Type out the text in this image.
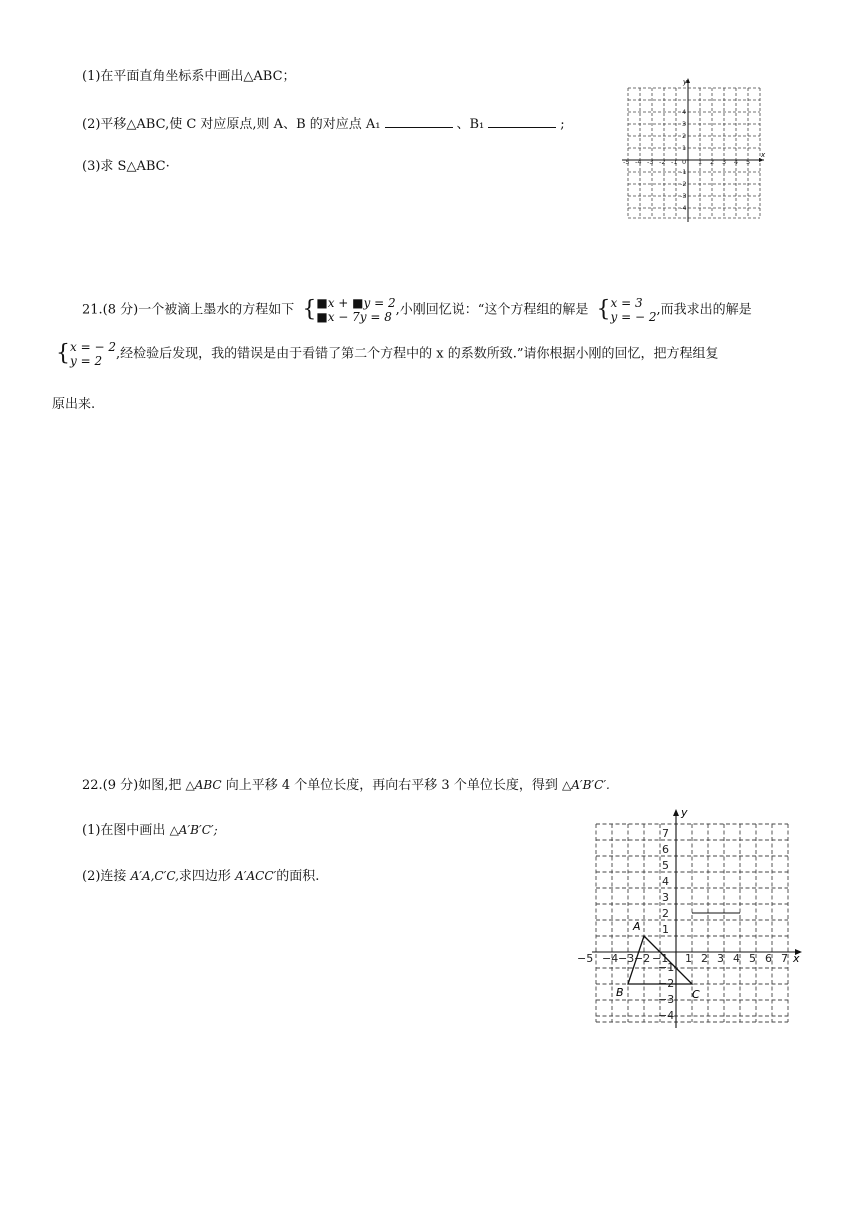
(1)在平面直角坐标系中画出△ABC；
(2)平移△ABC,使 C 对应原点,则 A、B 的对应点 A₁	、B₁	;
(3)求 S△ABC·
x
y
-5 -4 -3 -2 -1 0 1 2 3 4 5
4
3
2
1
-1
-2
-3
-4
21.(8 分)一个被滴上墨水的方程如下 {■x + ■y = 2
■x − 7y = 8 ,小刚回忆说：“这个方程组的解是 {x = 3
y = − 2,而我求出的解是
{x = − 2
y = 2 ,经检验后发现，我的错误是由于看错了第二个方程中的 x 的系数所致.”请你根据小刚的回忆，把方程组复
原出来.
22.(9 分)如图,把 △ABC 向上平移 4 个单位长度，再向右平移 3 个单位长度，得到 △A′B′C′.
(1)在图中画出 △A′B′C′;
(2)连接 A′A,C′C,求四边形 A′ACC′的面积.
x
y
−5 −4 −3 −2 −1 1 2 3 4 5 6 7
7
6
5
4
3
2
1
−1
−2
−3
−4
A
B	C
